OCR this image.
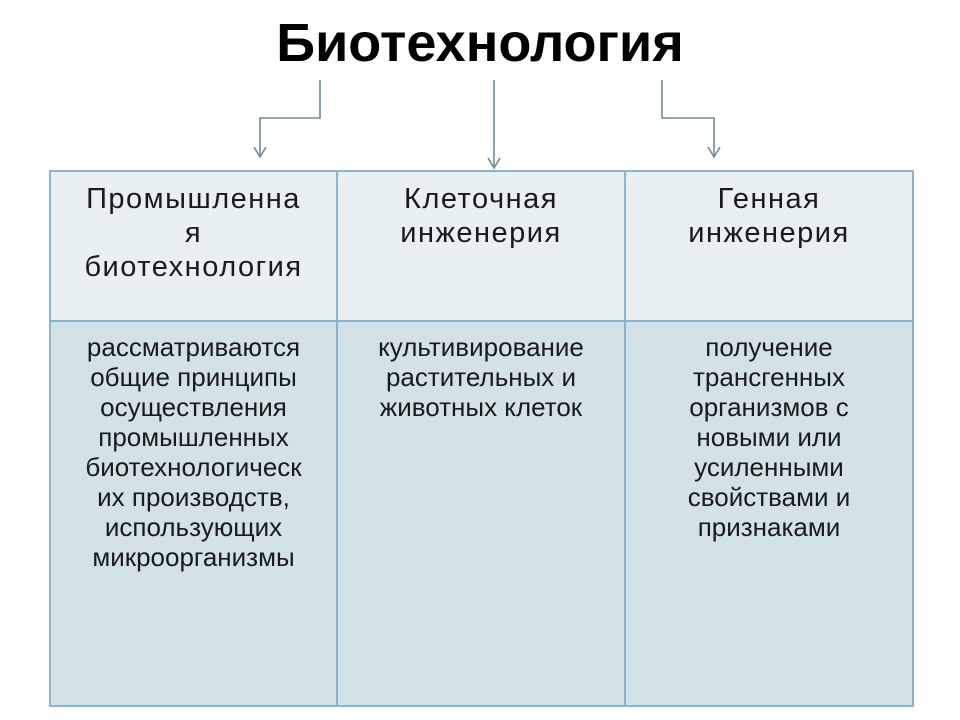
Биотехнология
Промышленна
я
биотехнология
Клеточная
инженерия
Генная
инженерия
рассматриваются
общие принципы
осуществления
промышленных
биотехнологическ
их производств,
использующих
микроорганизмы
культивирование
растительных и
животных клеток
получение
трансгенных
организмов с
новыми или
усиленными
свойствами и
признаками
